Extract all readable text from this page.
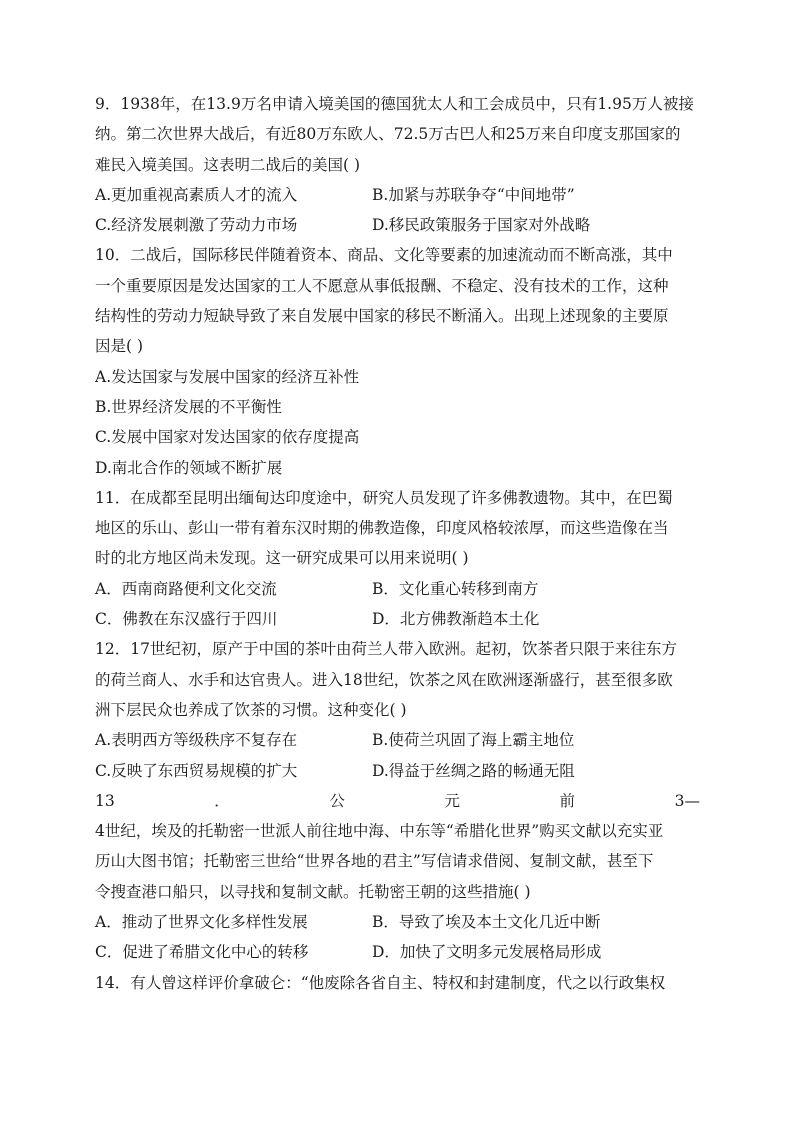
9．1938年，在13.9万名申请入境美国的德国犹太人和工会成员中，只有1.95万人被接
纳。第二次世界大战后，有近80万东欧人、72.5万古巴人和25万来自印度支那国家的
难民入境美国。这表明二战后的美国( )
A.更加重视高素质人才的流入	B.加紧与苏联争夺“中间地带”
C.经济发展刺激了劳动力市场	D.移民政策服务于国家对外战略
10．二战后，国际移民伴随着资本、商品、文化等要素的加速流动而不断高涨，其中
一个重要原因是发达国家的工人不愿意从事低报酬、不稳定、没有技术的工作，这种
结构性的劳动力短缺导致了来自发展中国家的移民不断涌入。出现上述现象的主要原
因是( )
A.发达国家与发展中国家的经济互补性
B.世界经济发展的不平衡性
C.发展中国家对发达国家的依存度提高
D.南北合作的领域不断扩展
11．在成都至昆明出缅甸达印度途中，研究人员发现了许多佛教遗物。其中，在巴蜀
地区的乐山、彭山一带有着东汉时期的佛教造像，印度风格较浓厚，而这些造像在当
时的北方地区尚未发现。这一研究成果可以用来说明( )
A．西南商路便利文化交流	B．文化重心转移到南方
C．佛教在东汉盛行于四川	D．北方佛教渐趋本土化
12．17世纪初，原产于中国的茶叶由荷兰人带入欧洲。起初，饮茶者只限于来往东方
的荷兰商人、水手和达官贵人。进入18世纪，饮茶之风在欧洲逐渐盛行，甚至很多欧
洲下层民众也养成了饮茶的习惯。这种变化( )
A.表明西方等级秩序不复存在	B.使荷兰巩固了海上霸主地位
C.反映了东西贸易规模的扩大	D.得益于丝绸之路的畅通无阻
13	．	公	元	前	3—
4世纪，埃及的托勒密一世派人前往地中海、中东等“希腊化世界”购买文献以充实亚
历山大图书馆；托勒密三世给“世界各地的君主”写信请求借阅、复制文献，甚至下
令搜查港口船只，以寻找和复制文献。托勒密王朝的这些措施( )
A．推动了世界文化多样性发展	B．导致了埃及本土文化几近中断
C．促进了希腊文化中心的转移	D．加快了文明多元发展格局形成
14．有人曾这样评价拿破仑：“他废除各省自主、特权和封建制度，代之以行政集权
